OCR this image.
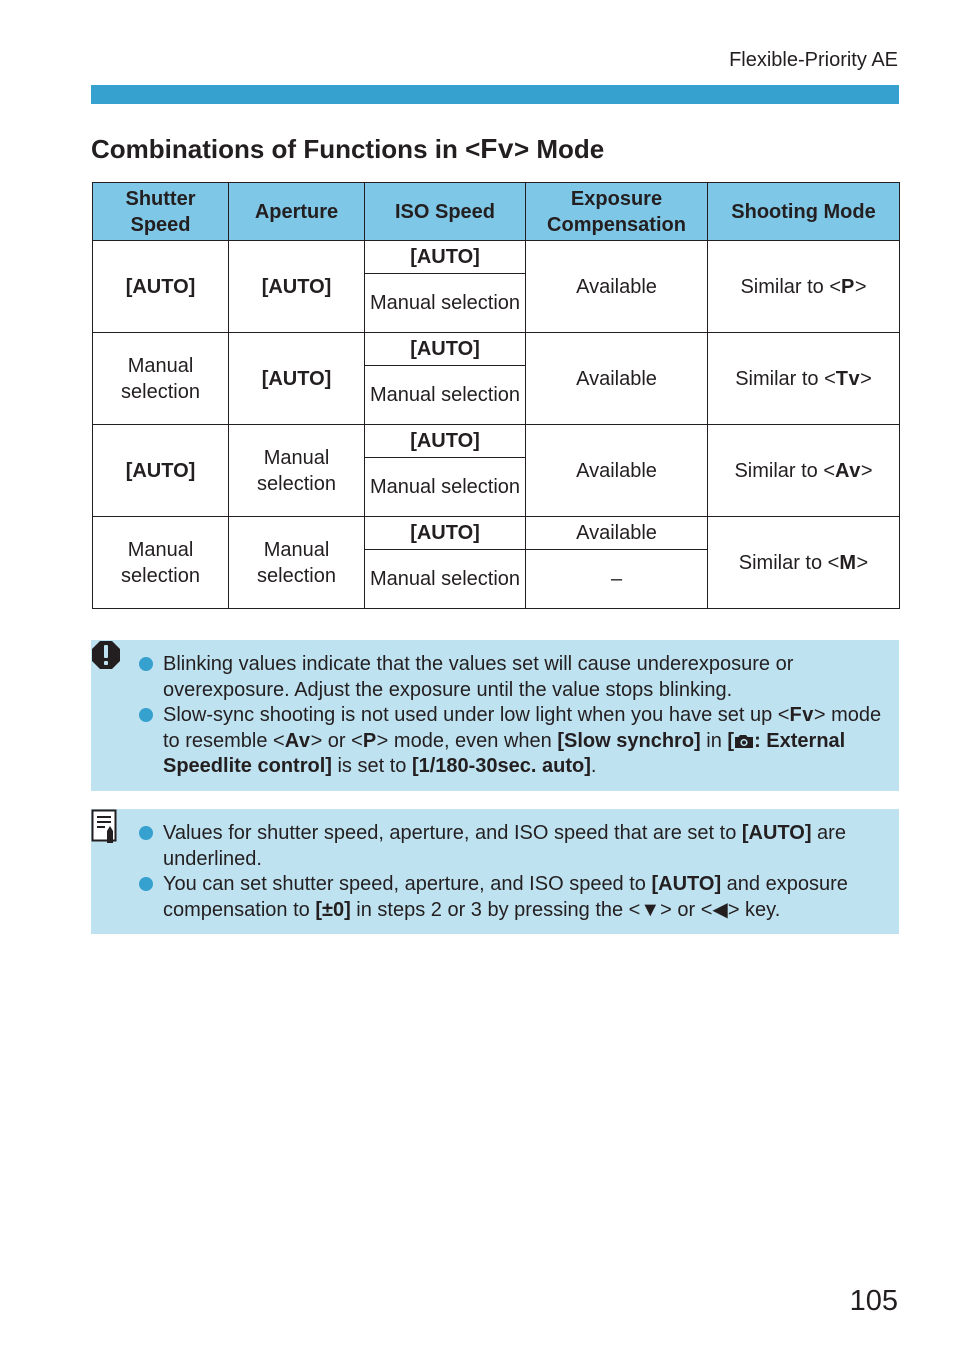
Flexible-Priority AE
Combinations of Functions in <Fv> Mode
Shutter Speed	Aperture	ISO Speed	Exposure Compensation	Shooting Mode
[AUTO]	[AUTO]	[AUTO]	Available	Similar to <P>
		Manual selection		
Manual selection	[AUTO]	[AUTO]	Available	Similar to <Tv>
		Manual selection		
[AUTO]	Manual selection	[AUTO]	Available	Similar to <Av>
		Manual selection		
Manual selection	Manual selection	[AUTO]	Available	Similar to <M>
		Manual selection	–	
Blinking values indicate that the values set will cause underexposure or overexposure. Adjust the exposure until the value stops blinking.
Slow-sync shooting is not used under low light when you have set up <Fv> mode to resemble <Av> or <P> mode, even when [Slow synchro] in [ : External Speedlite control] is set to [1/180-30sec. auto].
Values for shutter speed, aperture, and ISO speed that are set to [AUTO] are underlined.
You can set shutter speed, aperture, and ISO speed to [AUTO] and exposure compensation to [±0] in steps 2 or 3 by pressing the <▼> or <◀> key.
105
